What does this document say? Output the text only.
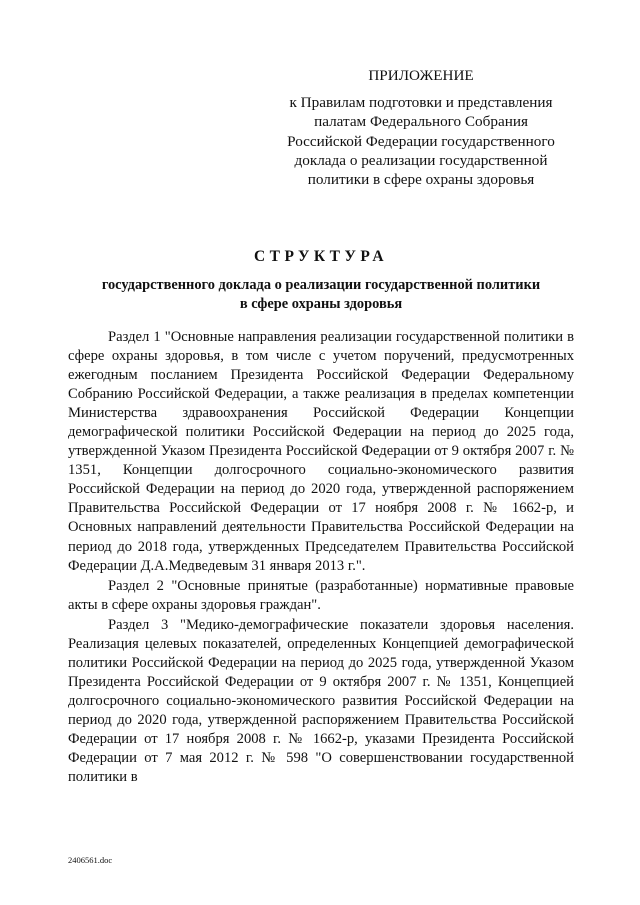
ПРИЛОЖЕНИЕ
к Правилам подготовки и представления
палатам Федерального Собрания
Российской Федерации государственного
доклада о реализации государственной
политики в сфере охраны здоровья
СТРУКТУРА
государственного доклада о реализации государственной политики
в сфере охраны здоровья

Раздел 1 "Основные направления реализации государственной политики в сфере охраны здоровья, в том числе с учетом поручений, предусмотренных ежегодным посланием Президента Российской Федерации Федеральному Собранию Российской Федерации, а также реализация в пределах компетенции Министерства здравоохранения Российской Федерации Концепции демографической политики Российской Федерации на период до 2025 года, утвержденной Указом Президента Российской Федерации от 9 октября 2007 г. № 1351, Концепции долгосрочного социально-экономического развития Российской Федерации на период до 2020 года, утвержденной распоряжением Правительства Российской Федерации от 17 ноября 2008 г. № 1662-р, и Основных направлений деятельности Правительства Российской Федерации на период до 2018 года, утвержденных Председателем Правительства Российской Федерации Д.А.Медведевым 31 января 2013 г.".

Раздел 2 "Основные принятые (разработанные) нормативные правовые акты в сфере охраны здоровья граждан".

Раздел 3 "Медико-демографические показатели здоровья населения. Реализация целевых показателей, определенных Концепцией демографической политики Российской Федерации на период до 2025 года, утвержденной Указом Президента Российской Федерации от 9 октября 2007 г. № 1351, Концепцией долгосрочного социально-экономического развития Российской Федерации на период до 2020 года, утвержденной распоряжением Правительства Российской Федерации от 17 ноября 2008 г. № 1662-р, указами Президента Российской Федерации от 7 мая 2012 г. № 598 "О совершенствовании государственной политики в

2406561.doc
